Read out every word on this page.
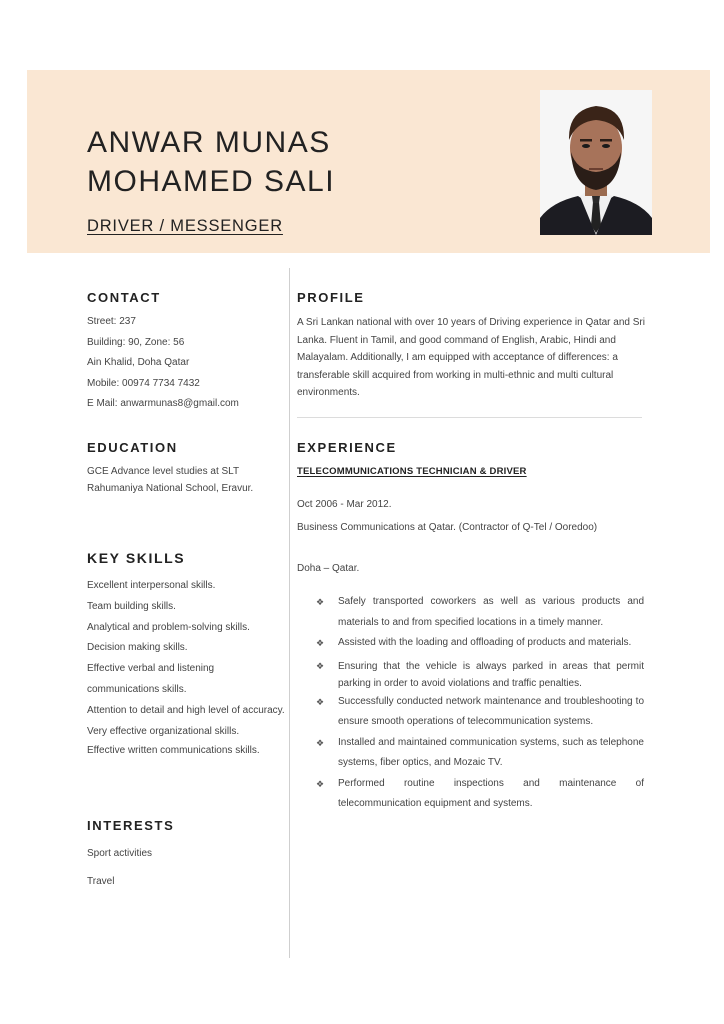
ANWAR MUNAS
MOHAMED SALI
DRIVER / MESSENGER
CONTACT
Street: 237
Building: 90, Zone: 56
Ain Khalid, Doha Qatar
Mobile: 00974 7734 7432
E Mail: anwarmunas8@gmail.com
EDUCATION
GCE Advance level studies at SLT Rahumaniya National School, Eravur.
KEY SKILLS
Excellent interpersonal skills.
Team building skills.
Analytical and problem-solving skills.
Decision making skills.
Effective verbal and listening communications skills.
Attention to detail and high level of accuracy.
Very effective organizational skills.
Effective written communications skills.
INTERESTS
Sport activities
Travel
PROFILE
A Sri Lankan national with over 10 years of Driving experience in Qatar and Sri Lanka. Fluent in Tamil, and good command of English, Arabic, Hindi and Malayalam. Additionally, I am equipped with acceptance of differences: a transferable skill acquired from working in multi-ethnic and multi cultural environments.
EXPERIENCE
TELECOMMUNICATIONS TECHNICIAN & DRIVER
Oct 2006 - Mar 2012.
Business Communications at Qatar. (Contractor of Q-Tel / Ooredoo)
Doha – Qatar.
❖ Safely transported coworkers as well as various products and materials to and from specified locations in a timely manner.
❖ Assisted with the loading and offloading of products and materials.
❖ Ensuring that the vehicle is always parked in areas that permit parking in order to avoid violations and traffic penalties.
❖ Successfully conducted network maintenance and troubleshooting to ensure smooth operations of telecommunication systems.
❖ Installed and maintained communication systems, such as telephone systems, fiber optics, and Mozaic TV.
❖ Performed routine inspections and maintenance of telecommunication equipment and systems.
